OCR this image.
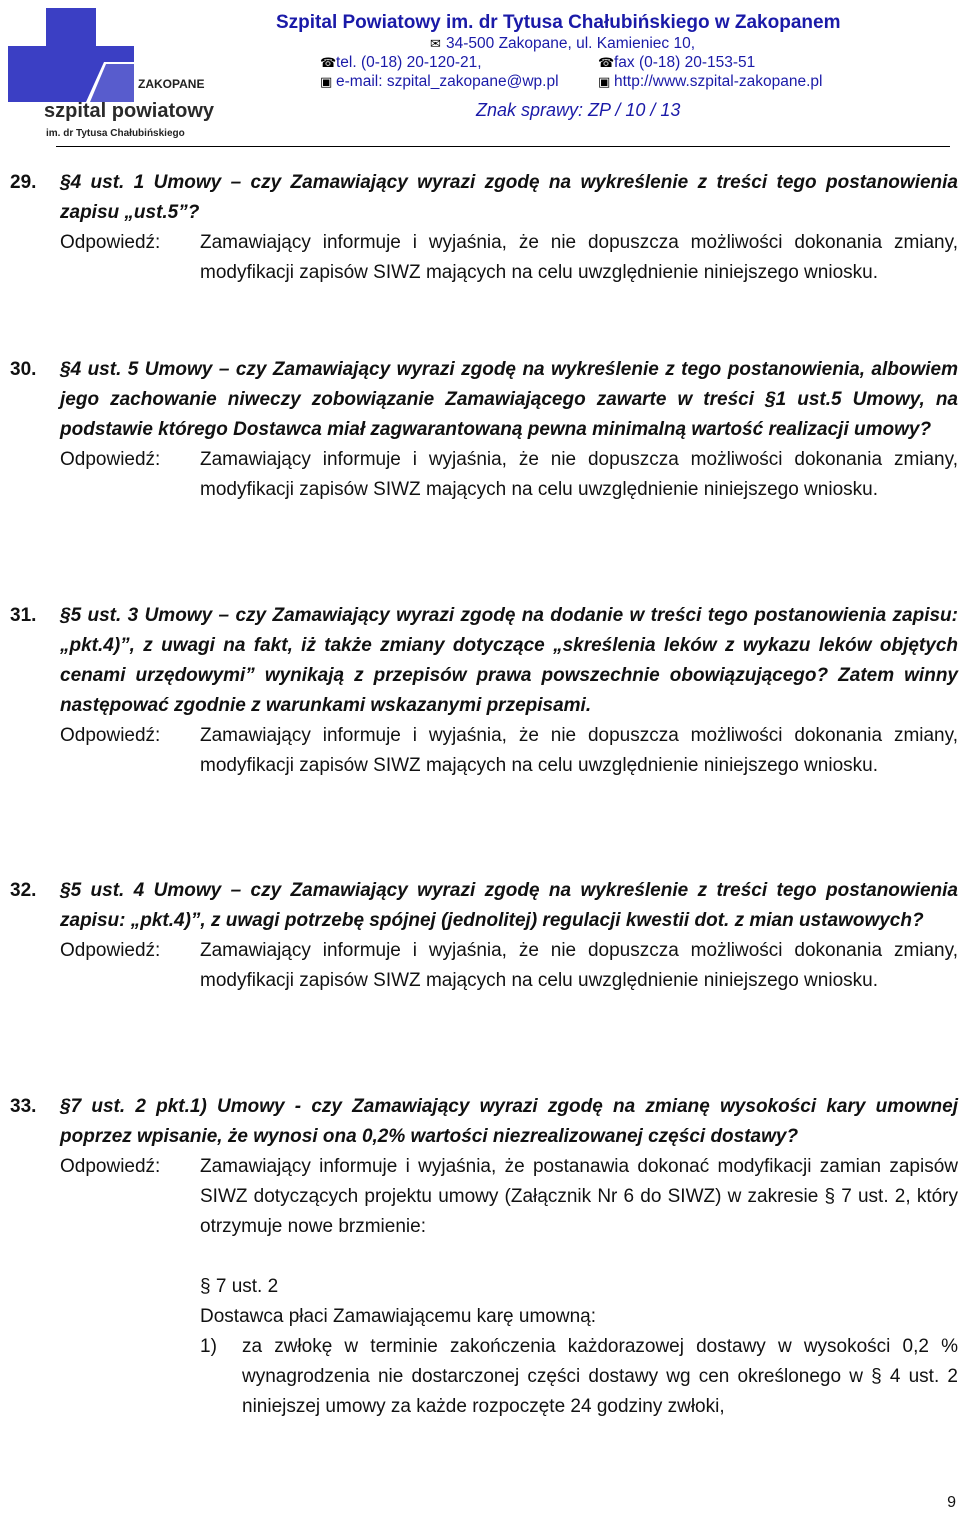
ZAKOPANE
szpital powiatowy
im. dr Tytusa Chałubińskiego
Szpital Powiatowy im. dr Tytusa Chałubińskiego w Zakopanem
✉ 34-500 Zakopane, ul. Kamieniec 10,
☎tel. (0-18) 20-120-21,	☎fax (0-18) 20-153-51
▣ e-mail: szpital_zakopane@wp.pl	▣ http://www.szpital-zakopane.pl
Znak sprawy: ZP / 10 / 13
29. §4 ust. 1 Umowy – czy Zamawiający wyrazi zgodę na wykreślenie z treści tego postanowienia zapisu „ust.5”?
Odpowiedź:	Zamawiający informuje i wyjaśnia, że nie dopuszcza możliwości dokonania zmiany, modyfikacji zapisów SIWZ mających na celu uwzględnienie niniejszego wniosku.
30. §4 ust. 5 Umowy – czy Zamawiający wyrazi zgodę na wykreślenie z tego postanowienia, albowiem jego zachowanie niweczy zobowiązanie Zamawiającego zawarte w treści §1 ust.5 Umowy, na podstawie którego Dostawca miał zagwarantowaną pewna minimalną wartość realizacji umowy?
Odpowiedź:	Zamawiający informuje i wyjaśnia, że nie dopuszcza możliwości dokonania zmiany, modyfikacji zapisów SIWZ mających na celu uwzględnienie niniejszego wniosku.
31. §5 ust. 3 Umowy – czy Zamawiający wyrazi zgodę na dodanie w treści tego postanowienia zapisu: „pkt.4)”, z uwagi na fakt, iż także zmiany dotyczące „skreślenia leków z wykazu leków objętych cenami urzędowymi” wynikają z przepisów prawa powszechnie obowiązującego? Zatem winny następować zgodnie z warunkami wskazanymi przepisami.
Odpowiedź:	Zamawiający informuje i wyjaśnia, że nie dopuszcza możliwości dokonania zmiany, modyfikacji zapisów SIWZ mających na celu uwzględnienie niniejszego wniosku.
32. §5 ust. 4 Umowy – czy Zamawiający wyrazi zgodę na wykreślenie z treści tego postanowienia zapisu: „pkt.4)”, z uwagi potrzebę spójnej (jednolitej) regulacji kwestii dot. z mian ustawowych?
Odpowiedź:	Zamawiający informuje i wyjaśnia, że nie dopuszcza możliwości dokonania zmiany, modyfikacji zapisów SIWZ mających na celu uwzględnienie niniejszego wniosku.
33. §7 ust. 2 pkt.1) Umowy - czy Zamawiający wyrazi zgodę na zmianę wysokości kary umownej poprzez wpisanie, że wynosi ona 0,2% wartości niezrealizowanej części dostawy?
Odpowiedź:	Zamawiający informuje i wyjaśnia, że postanawia dokonać modyfikacji zamian zapisów SIWZ dotyczących projektu umowy (Załącznik Nr 6 do SIWZ) w zakresie § 7 ust. 2, który otrzymuje nowe brzmienie:
§ 7 ust. 2
Dostawca płaci Zamawiającemu karę umowną:
1)	za zwłokę w terminie zakończenia każdorazowej dostawy w wysokości 0,2 % wynagrodzenia nie dostarczonej części dostawy wg cen określonego w § 4 ust. 2 niniejszej umowy za każde rozpoczęte 24 godziny zwłoki,
9
